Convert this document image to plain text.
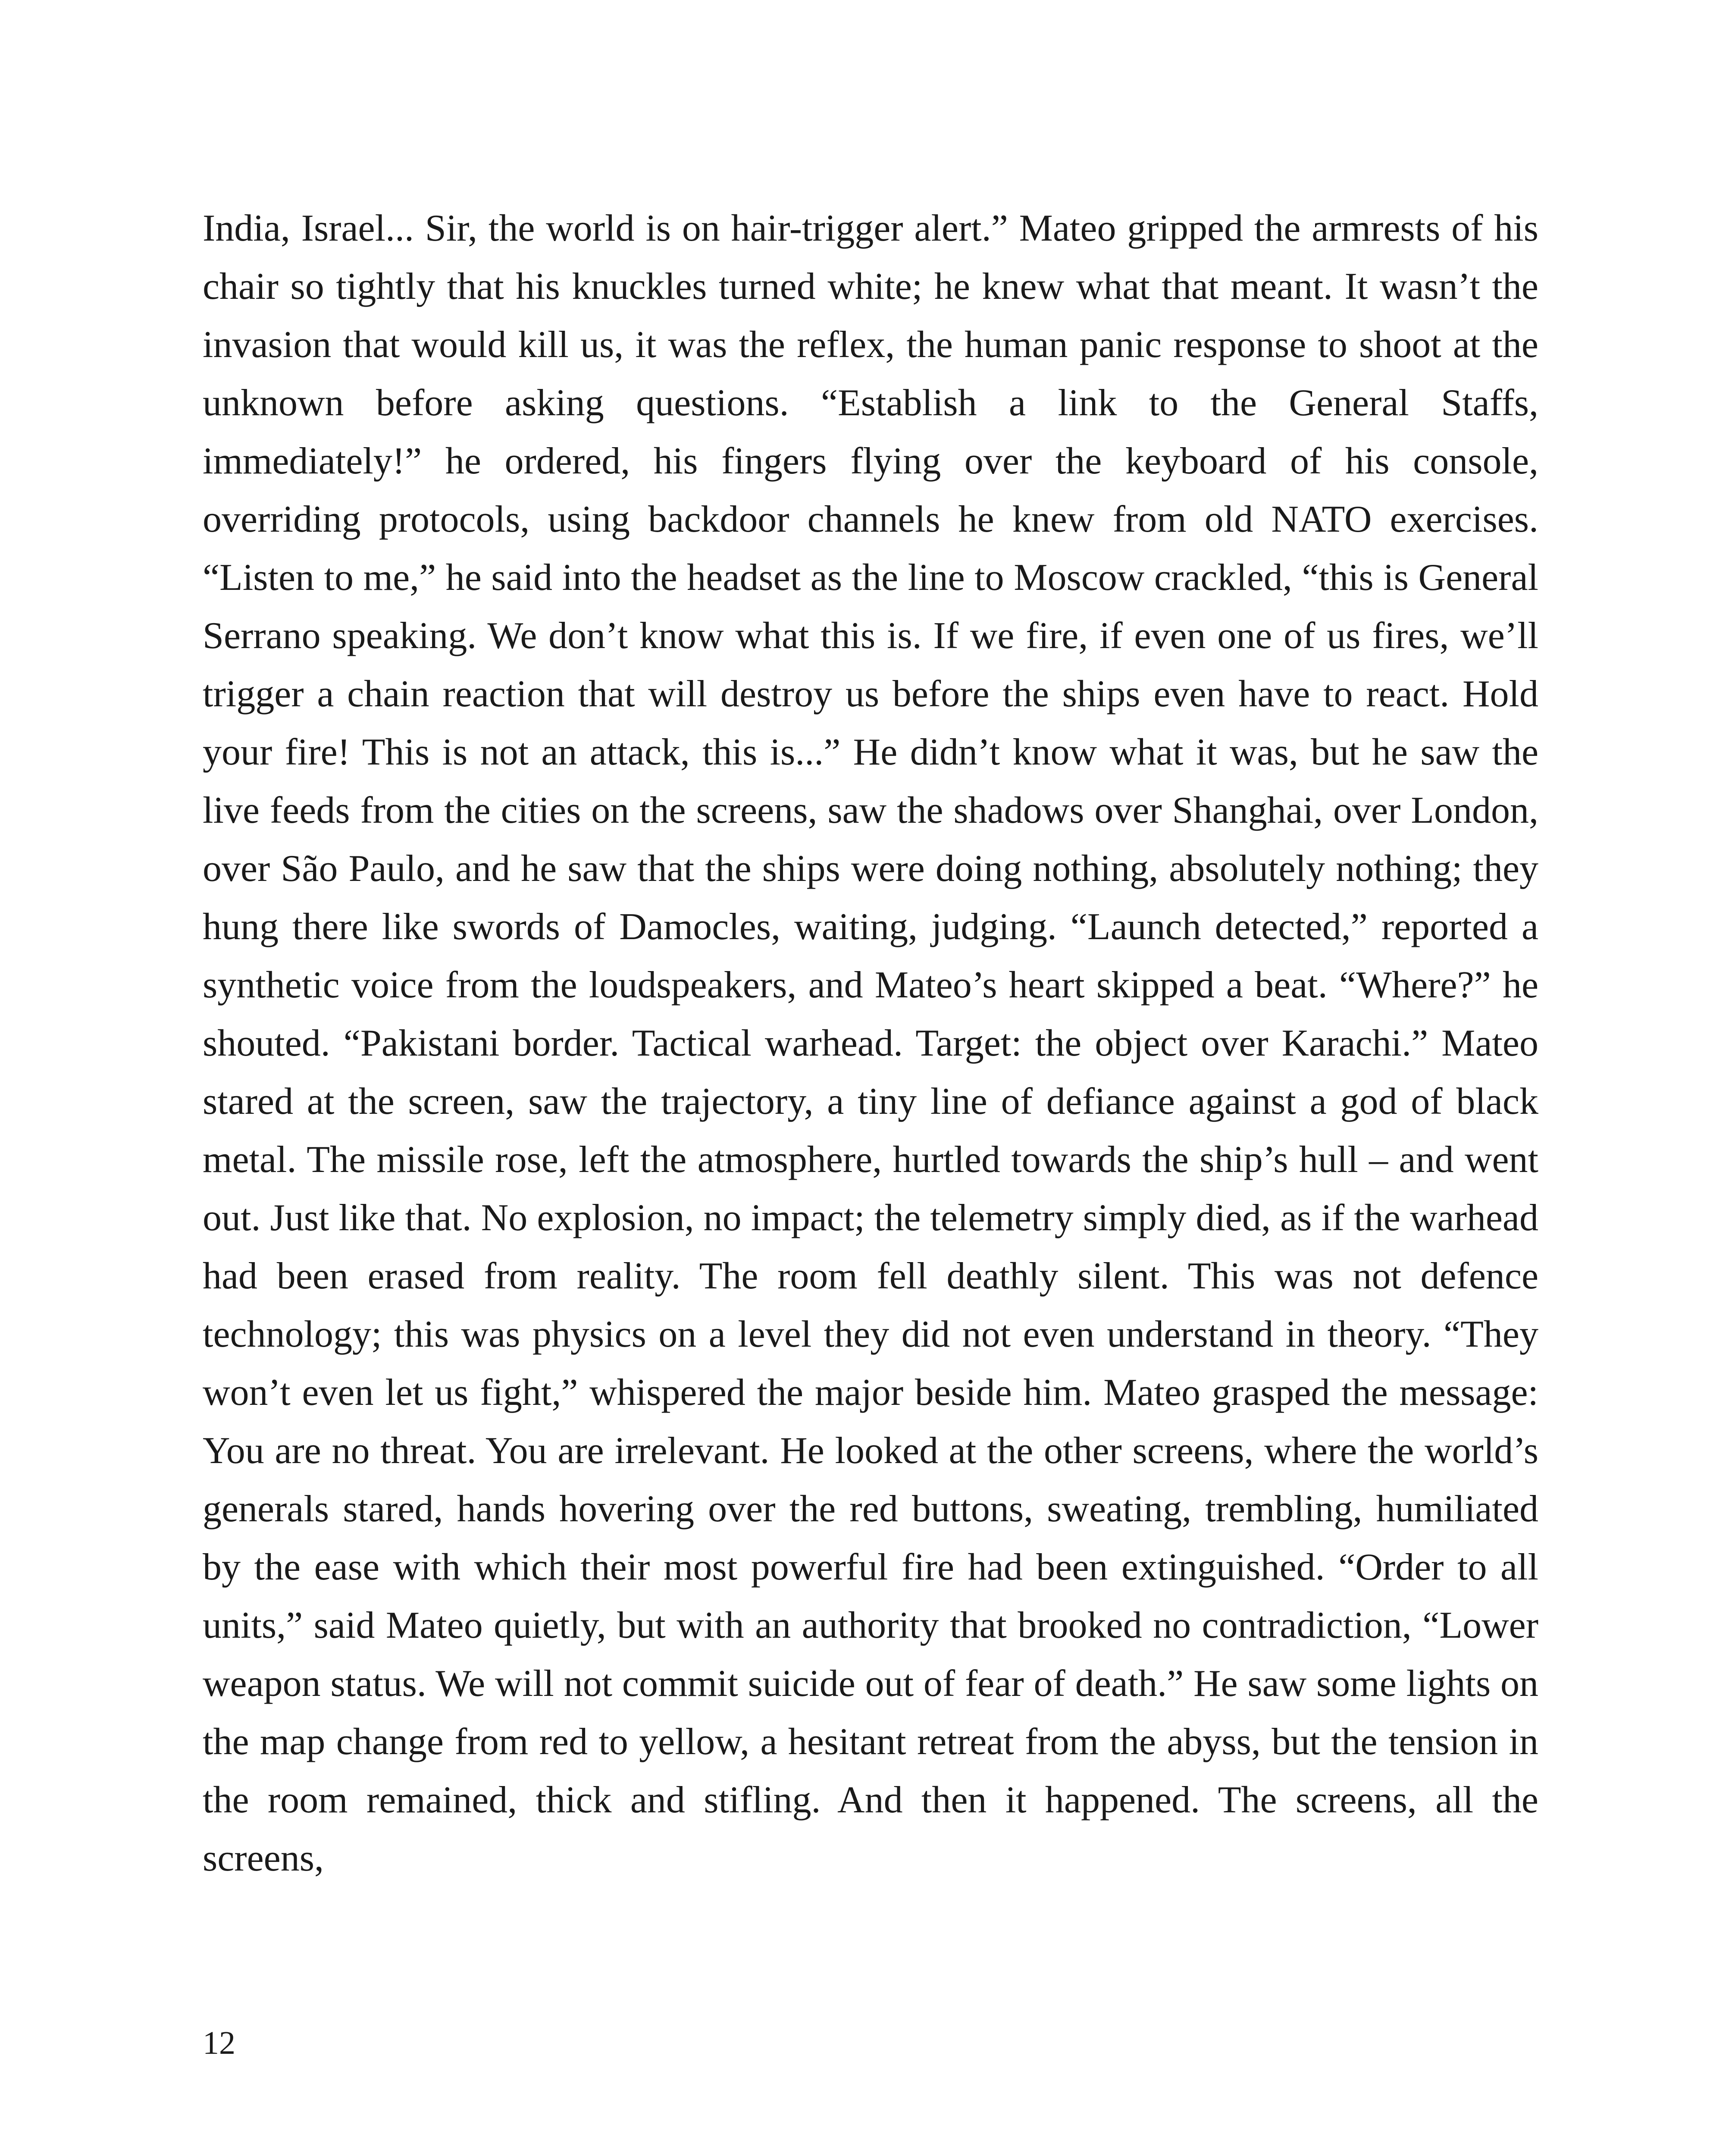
India, Israel... Sir, the world is on hair-trigger alert.” Mateo gripped the armrests of his chair so tightly that his knuckles turned white; he knew what that meant. It wasn’t the invasion that would kill us, it was the reflex, the human panic response to shoot at the unknown before asking questions. “Establish a link to the General Staffs, immediately!” he ordered, his fingers flying over the keyboard of his console, overriding protocols, using backdoor channels he knew from old NATO exercises. “Listen to me,” he said into the headset as the line to Moscow crackled, “this is General Serrano speaking. We don’t know what this is. If we fire, if even one of us fires, we’ll trigger a chain reaction that will destroy us before the ships even have to react. Hold your fire! This is not an attack, this is...” He didn’t know what it was, but he saw the live feeds from the cities on the screens, saw the shadows over Shanghai, over London, over São Paulo, and he saw that the ships were doing nothing, absolutely nothing; they hung there like swords of Damocles, waiting, judging. “Launch detected,” reported a synthetic voice from the loudspeakers, and Mateo’s heart skipped a beat. “Where?” he shouted. “Pakistani border. Tactical warhead. Target: the object over Karachi.” Mateo stared at the screen, saw the trajectory, a tiny line of defiance against a god of black metal. The missile rose, left the atmosphere, hurtled towards the ship’s hull – and went out. Just like that. No explosion, no impact; the telemetry simply died, as if the warhead had been erased from reality. The room fell deathly silent. This was not defence technology; this was physics on a level they did not even understand in theory. “They won’t even let us fight,” whispered the major beside him. Mateo grasped the message: You are no threat. You are irrelevant. He looked at the other screens, where the world’s generals stared, hands hovering over the red buttons, sweating, trembling, humiliated by the ease with which their most powerful fire had been extinguished. “Order to all units,” said Mateo quietly, but with an authority that brooked no contradiction, “Lower weapon status. We will not commit suicide out of fear of death.” He saw some lights on the map change from red to yellow, a hesitant retreat from the abyss, but the tension in the room remained, thick and stifling. And then it happened. The screens, all the screens,

12
